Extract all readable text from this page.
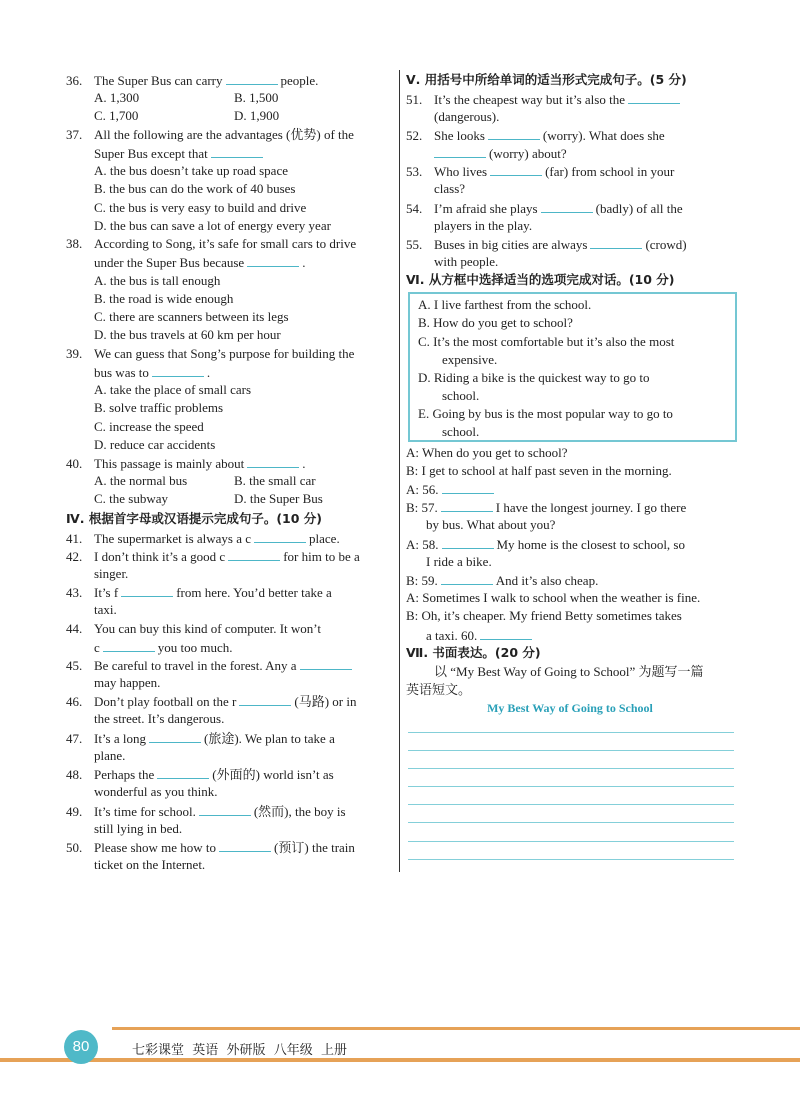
36. The Super Bus can carry	people.
A. 1,300	B. 1,500
C. 1,700	D. 1,900
37. All the following are the advantages (优势) of the
Super Bus except that
A. the bus doesn’t take up road space
B. the bus can do the work of 40 buses
C. the bus is very easy to build and drive
D. the bus can save a lot of energy every year
38. According to Song, it’s safe for small cars to drive
under the Super Bus because	.
A. the bus is tall enough
B. the road is wide enough
C. there are scanners between its legs
D. the bus travels at 60 km per hour
39. We can guess that Song’s purpose for building the
bus was to	.
A. take the place of small cars
B. solve traffic problems
C. increase the speed
D. reduce car accidents
40. This passage is mainly about	.
A. the normal bus	B. the small car
C. the subway	D. the Super Bus
Ⅳ. 根据首字母或汉语提示完成句子。(10 分)
41. The supermarket is always a c	place.
42. I don’t think it’s a good c	for him to be a
singer.
43. It’s f	from here. You’d better take a
taxi.
44. You can buy this kind of computer. It won’t
c	you too much.
45. Be careful to travel in the forest. Any a
may happen.
46. Don’t play football on the r	(马路) or in
the street. It’s dangerous.
47. It’s a long	(旅途). We plan to take a
plane.
48. Perhaps the	(外面的) world isn’t as
wonderful as you think.
49. It’s time for school.	(然而), the boy is
still lying in bed.
50. Please show me how to	(预订) the train
ticket on the Internet.
Ⅴ. 用括号中所给单词的适当形式完成句子。(5 分)
51. It’s the cheapest way but it’s also the
(dangerous).
52. She looks	(worry). What does she
(worry) about?
53. Who lives	(far) from school in your
class?
54. I’m afraid she plays	(badly) of all the
players in the play.
55. Buses in big cities are always	(crowd)
with people.
Ⅵ. 从方框中选择适当的选项完成对话。(10 分)
A. I live farthest from the school.
B. How do you get to school?
C. It’s the most comfortable but it’s also the most
expensive.
D. Riding a bike is the quickest way to go to
school.
E. Going by bus is the most popular way to go to
school.
A: When do you get to school?
B: I get to school at half past seven in the morning.
A: 56.
B: 57.	I have the longest journey. I go there
by bus. What about you?
A: 58.	My home is the closest to school, so
I ride a bike.
B: 59.	And it’s also cheap.
A: Sometimes I walk to school when the weather is fine.
B: Oh, it’s cheaper. My friend Betty sometimes takes
a taxi. 60.
Ⅶ. 书面表达。(20 分)
以 “My Best Way of Going to School” 为题写一篇
英语短文。
My Best Way of Going to School
80	七彩课堂  英语  外研版  八年级  上册
